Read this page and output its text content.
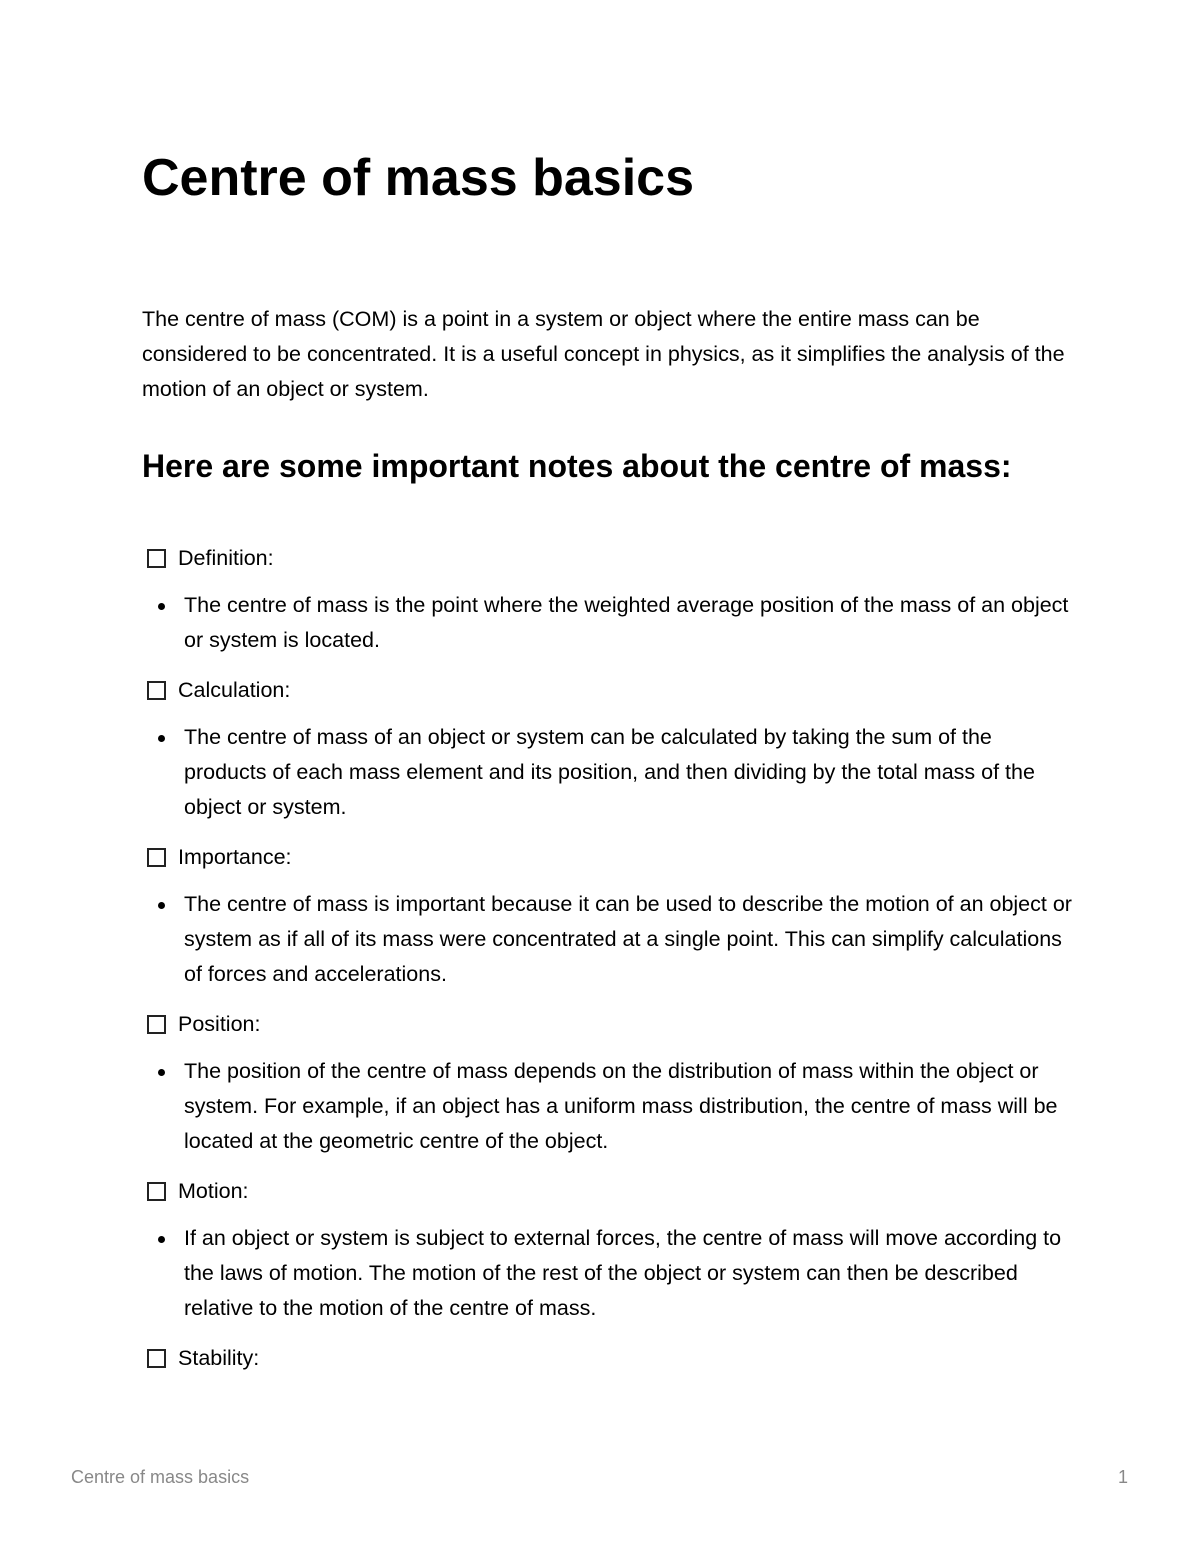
Centre of mass basics

The centre of mass (COM) is a point in a system or object where the entire mass can be considered to be concentrated. It is a useful concept in physics, as it simplifies the analysis of the motion of an object or system.

Here are some important notes about the centre of mass:
Definition:
The centre of mass is the point where the weighted average position of the mass of an object or system is located.
Calculation:
The centre of mass of an object or system can be calculated by taking the sum of the products of each mass element and its position, and then dividing by the total mass of the object or system.
Importance:
The centre of mass is important because it can be used to describe the motion of an object or system as if all of its mass were concentrated at a single point. This can simplify calculations of forces and accelerations.
Position:
The position of the centre of mass depends on the distribution of mass within the object or system. For example, if an object has a uniform mass distribution, the centre of mass will be located at the geometric centre of the object.
Motion:
If an object or system is subject to external forces, the centre of mass will move according to the laws of motion. The motion of the rest of the object or system can then be described relative to the motion of the centre of mass.
Stability:
Centre of mass basics	1
